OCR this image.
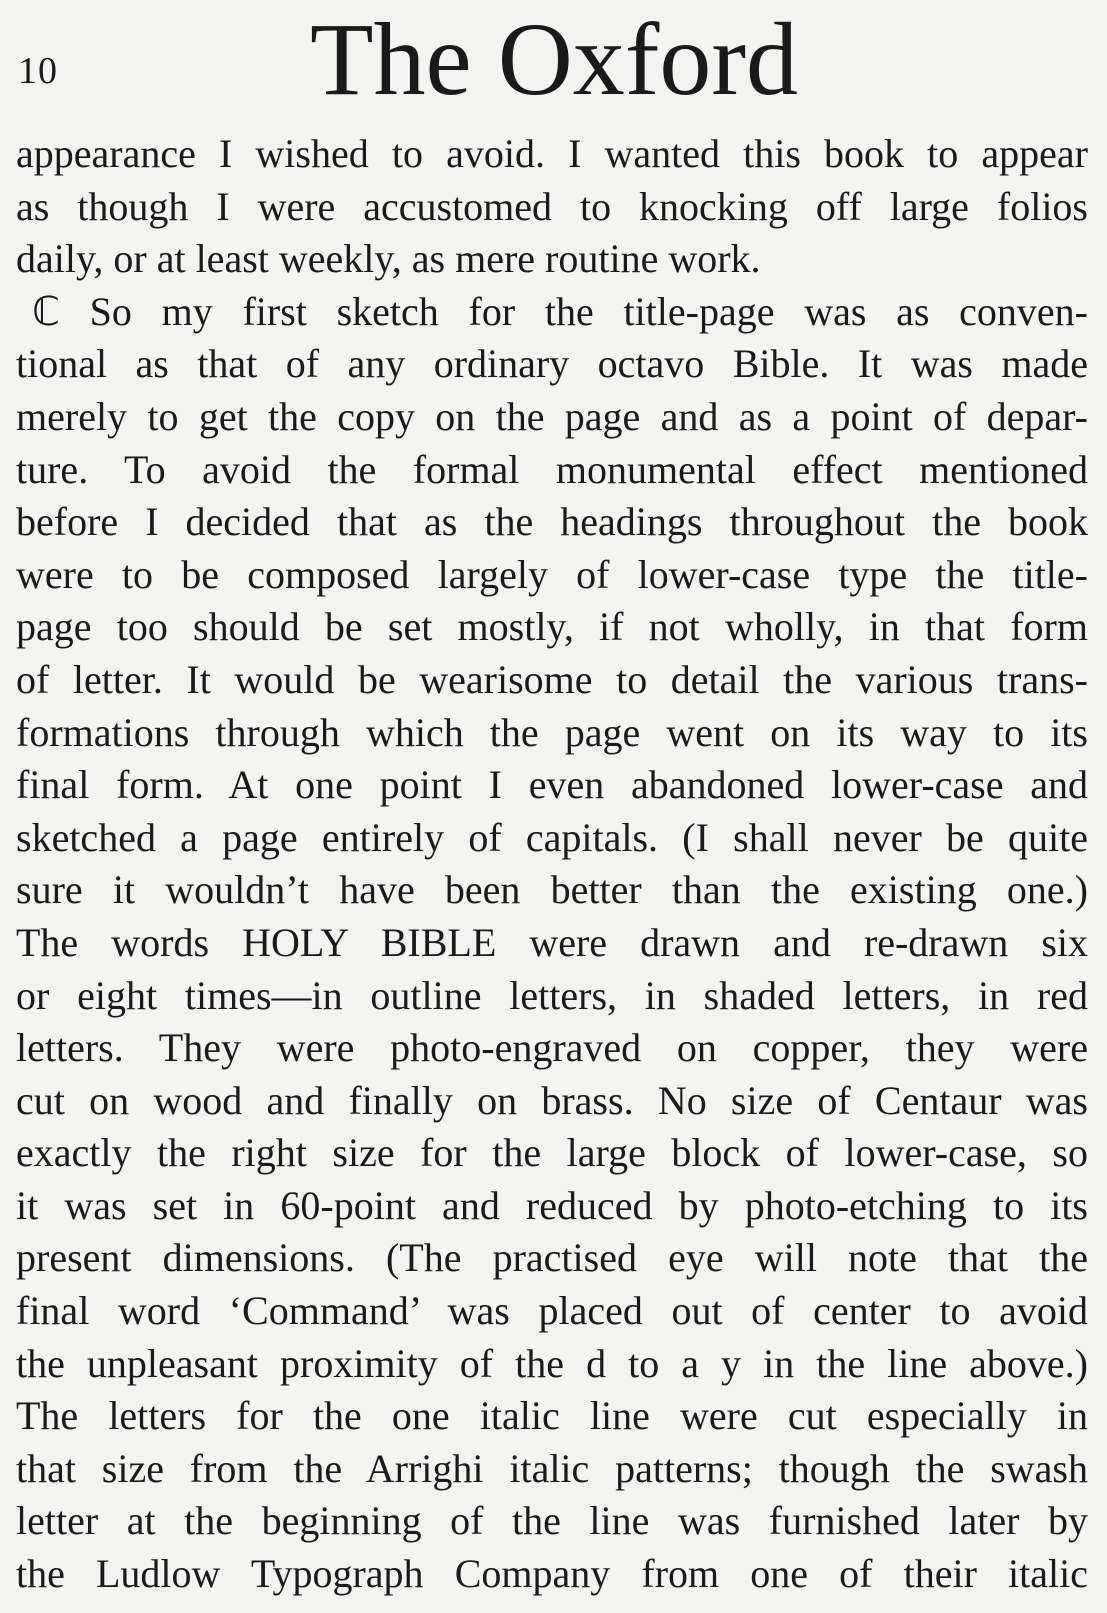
10 The Oxford
appearance I wished to avoid. I wanted this book to appear
as though I were accustomed to knocking off large folios
daily, or at least weekly, as mere routine work.
ℂ So my first sketch for the title-page was as conven-
tional as that of any ordinary octavo Bible. It was made
merely to get the copy on the page and as a point of depar-
ture. To avoid the formal monumental effect mentioned
before I decided that as the headings throughout the book
were to be composed largely of lower-case type the title-
page too should be set mostly, if not wholly, in that form
of letter. It would be wearisome to detail the various trans-
formations through which the page went on its way to its
final form. At one point I even abandoned lower-case and
sketched a page entirely of capitals. (I shall never be quite
sure it wouldn’t have been better than the existing one.)
The words HOLY BIBLE were drawn and re-drawn six
or eight times—in outline letters, in shaded letters, in red
letters. They were photo-engraved on copper, they were
cut on wood and finally on brass. No size of Centaur was
exactly the right size for the large block of lower-case, so
it was set in 60-point and reduced by photo-etching to its
present dimensions. (The practised eye will note that the
final word ‘Command’ was placed out of center to avoid
the unpleasant proximity of the d to a y in the line above.)
The letters for the one italic line were cut especially in
that size from the Arrighi italic patterns; though the swash
letter at the beginning of the line was furnished later by
the Ludlow Typograph Company from one of their italic
